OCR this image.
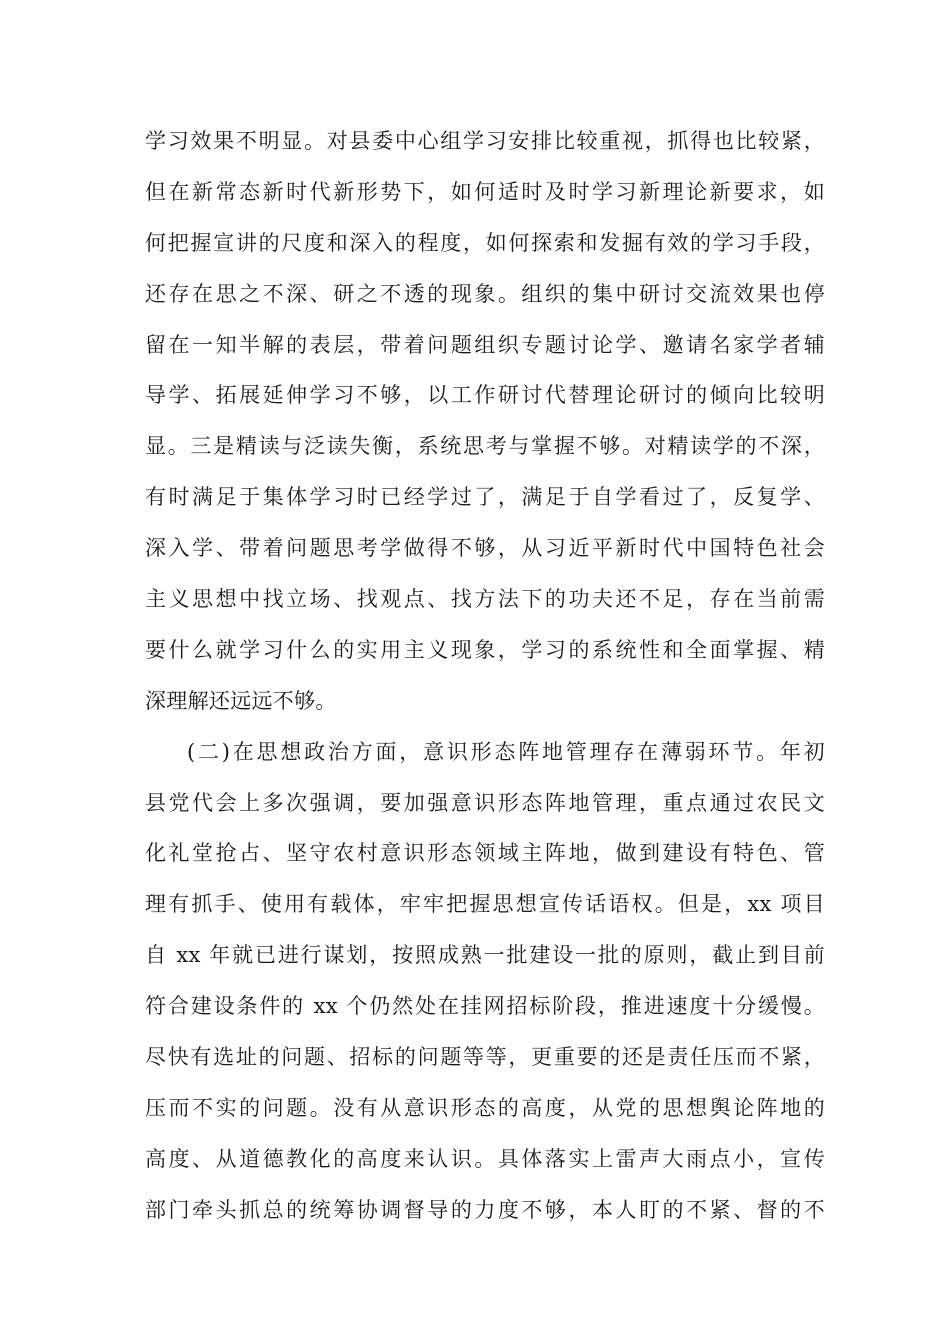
学习效果不明显。对县委中心组学习安排比较重视，抓得也比较紧，
但在新常态新时代新形势下，如何适时及时学习新理论新要求，如
何把握宣讲的尺度和深入的程度，如何探索和发掘有效的学习手段，
还存在思之不深、研之不透的现象。组织的集中研讨交流效果也停
留在一知半解的表层，带着问题组织专题讨论学、邀请名家学者辅
导学、拓展延伸学习不够，以工作研讨代替理论研讨的倾向比较明
显。三是精读与泛读失衡，系统思考与掌握不够。对精读学的不深，
有时满足于集体学习时已经学过了，满足于自学看过了，反复学、
深入学、带着问题思考学做得不够，从习近平新时代中国特色社会
主义思想中找立场、找观点、找方法下的功夫还不足，存在当前需
要什么就学习什么的实用主义现象，学习的系统性和全面掌握、精
深理解还远远不够。
(二)在思想政治方面，意识形态阵地管理存在薄弱环节。年初
县党代会上多次强调，要加强意识形态阵地管理，重点通过农民文
化礼堂抢占、坚守农村意识形态领域主阵地，做到建设有特色、管
理有抓手、使用有载体，牢牢把握思想宣传话语权。但是，xx 项目
自 xx 年就已进行谋划，按照成熟一批建设一批的原则，截止到目前
符合建设条件的 xx 个仍然处在挂网招标阶段，推进速度十分缓慢。
尽快有选址的问题、招标的问题等等，更重要的还是责任压而不紧，
压而不实的问题。没有从意识形态的高度，从党的思想舆论阵地的
高度、从道德教化的高度来认识。具体落实上雷声大雨点小，宣传
部门牵头抓总的统筹协调督导的力度不够，本人盯的不紧、督的不
